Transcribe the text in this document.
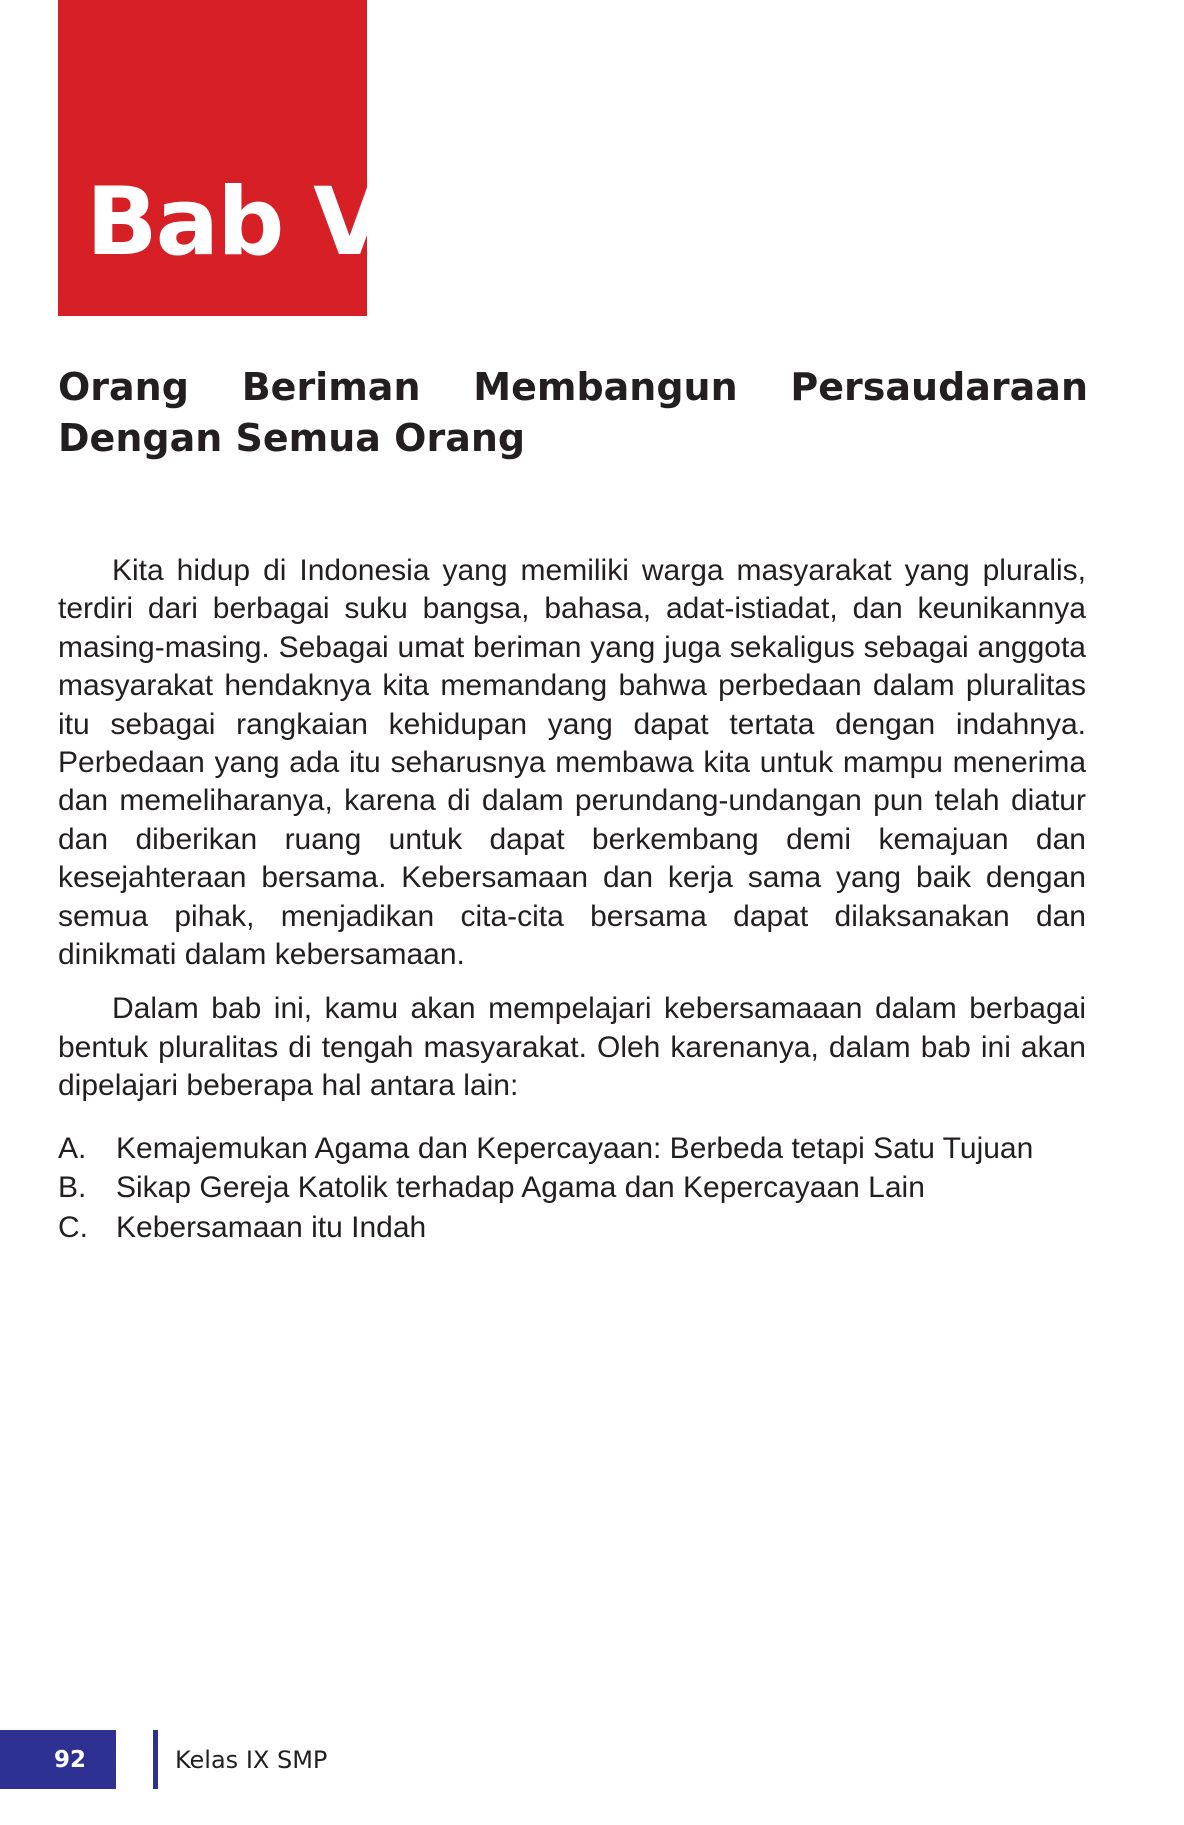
Bab V
Orang Beriman Membangun Persaudaraan Dengan Semua Orang

Kita hidup di Indonesia yang memiliki warga masyarakat yang pluralis, terdiri dari berbagai suku bangsa, bahasa, adat-istiadat, dan keunikannya masing-masing. Sebagai umat beriman yang juga sekaligus sebagai anggota masyarakat hendaknya kita memandang bahwa perbedaan dalam pluralitas itu sebagai rangkaian kehidupan yang dapat tertata dengan indahnya. Perbedaan yang ada itu seharusnya membawa kita untuk mampu menerima dan memeliharanya, karena di dalam perundang-undangan pun telah diatur dan diberikan ruang untuk dapat berkembang demi kemajuan dan kesejahteraan bersama. Kebersamaan dan kerja sama yang baik dengan semua pihak, menjadikan cita-cita bersama dapat dilaksanakan dan dinikmati dalam kebersamaan.

Dalam bab ini, kamu akan mempelajari kebersamaaan dalam berbagai bentuk pluralitas di tengah masyarakat. Oleh karenanya, dalam bab ini akan dipelajari beberapa hal antara lain:

A. Kemajemukan Agama dan Kepercayaan: Berbeda tetapi Satu Tujuan
B. Sikap Gereja Katolik terhadap Agama dan Kepercayaan Lain
C. Kebersamaan itu Indah
92	Kelas IX SMP
